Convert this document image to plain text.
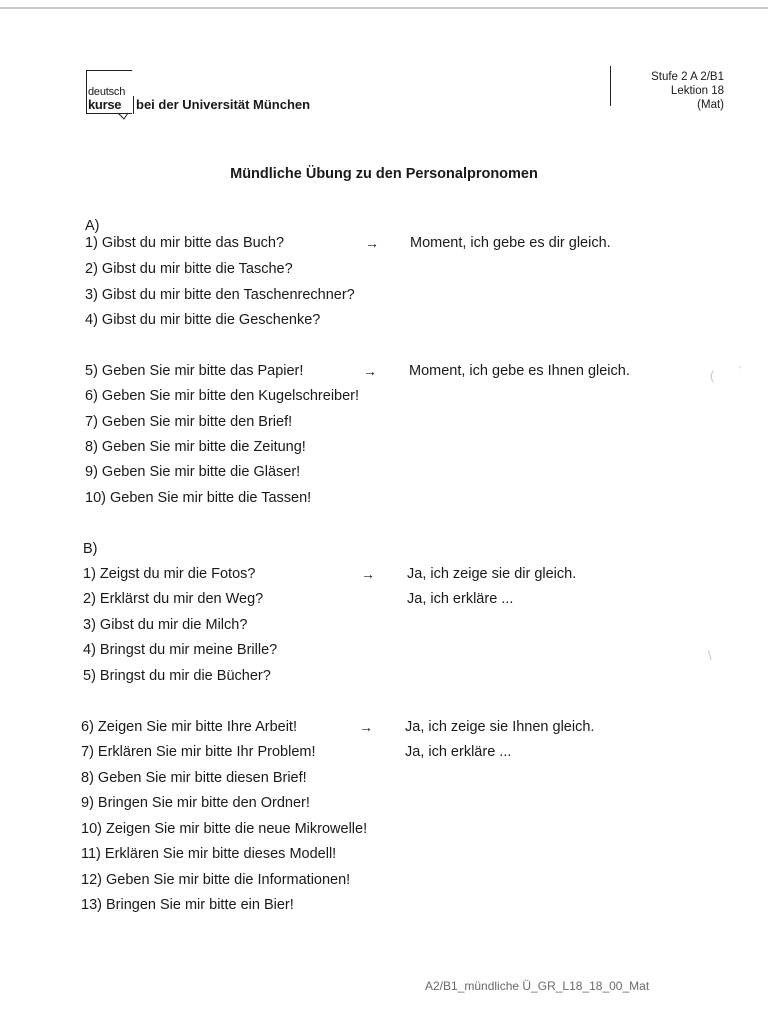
deutsch
kurse bei der Universität München
Stufe 2 A 2/B1
Lektion 18
(Mat)
Mündliche Übung zu den Personalpronomen
A)
1) Gibst du mir bitte das Buch?
2) Gibst du mir bitte die Tasche?
3) Gibst du mir bitte den Taschenrechner?
4) Gibst du mir bitte die Geschenke?
→ Moment, ich gebe es dir gleich.
5) Geben Sie mir bitte das Papier!
6) Geben Sie mir bitte den Kugelschreiber!
7) Geben Sie mir bitte den Brief!
8) Geben Sie mir bitte die Zeitung!
9) Geben Sie mir bitte die Gläser!
10) Geben Sie mir bitte die Tassen!
→ Moment, ich gebe es Ihnen gleich.
B)
1) Zeigst du mir die Fotos?
2) Erklärst du mir den Weg?
3) Gibst du mir die Milch?
4) Bringst du mir meine Brille?
5) Bringst du mir die Bücher?
→ Ja, ich zeige sie dir gleich.
Ja, ich erkläre ...
6) Zeigen Sie mir bitte Ihre Arbeit!
7) Erklären Sie mir bitte Ihr Problem!
8) Geben Sie mir bitte diesen Brief!
9) Bringen Sie mir bitte den Ordner!
10) Zeigen Sie mir bitte die neue Mikrowelle!
11) Erklären Sie mir bitte dieses Modell!
12) Geben Sie mir bitte die Informationen!
13) Bringen Sie mir bitte ein Bier!
→ Ja, ich zeige sie Ihnen gleich.
Ja, ich erkläre ...
A2/B1_mündliche Ü_GR_L18_18_00_Mat
( ˋ
\
